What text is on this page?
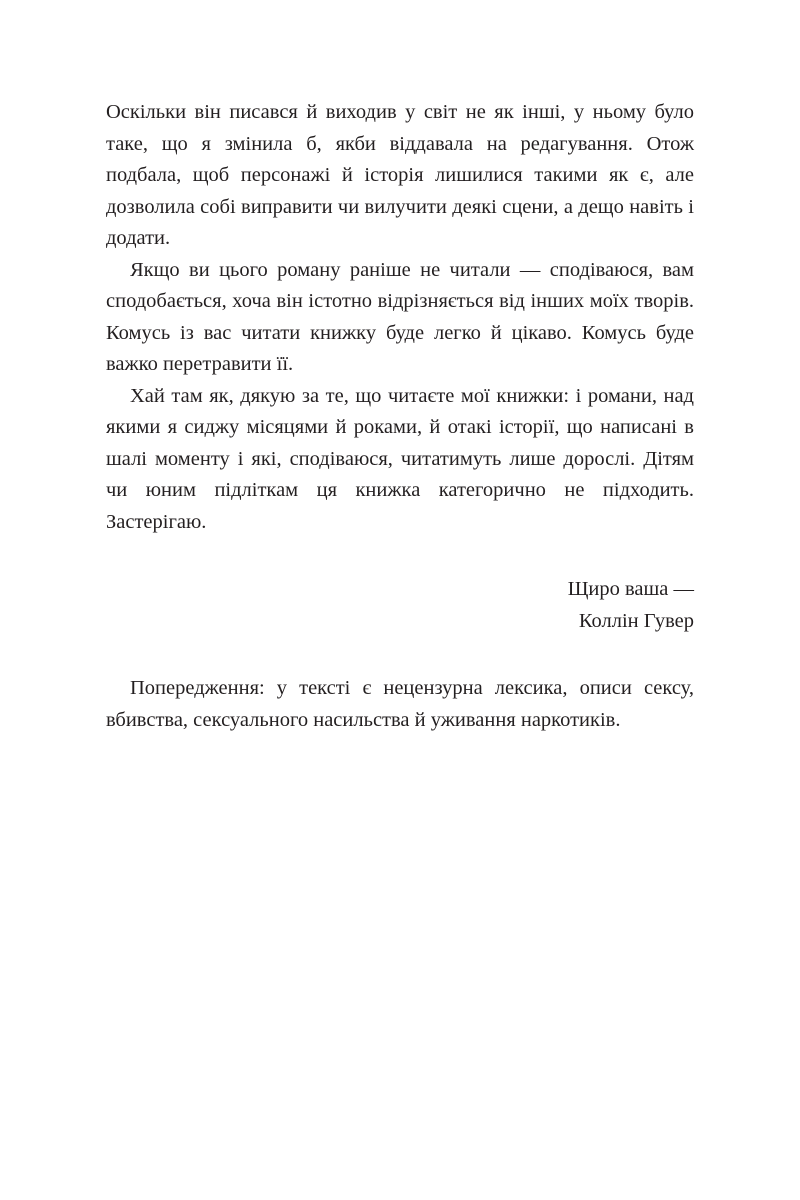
Оскільки він писався й виходив у світ не як інші, у ньому було таке, що я змінила б, якби віддавала на редагування. Отож подбала, щоб персонажі й історія лишилися такими як є, але дозволила собі виправити чи вилучити деякі сцени, а дещо навіть і додати.

Якщо ви цього роману раніше не читали — сподіваюся, вам сподобається, хоча він істотно відрізняється від інших моїх творів. Комусь із вас читати книжку буде легко й цікаво. Комусь буде важко перетравити її.

Хай там як, дякую за те, що читаєте мої книжки: і романи, над якими я сиджу місяцями й роками, й отакі історії, що написані в шалі моменту і які, сподіваюся, читатимуть лише дорослі. Дітям чи юним підліткам ця книжка категорично не підходить. Застерігаю.

Щиро ваша —
Коллін Гувер

Попередження: у тексті є нецензурна лексика, описи сексу, вбивства, сексуального насильства й уживання наркотиків.
